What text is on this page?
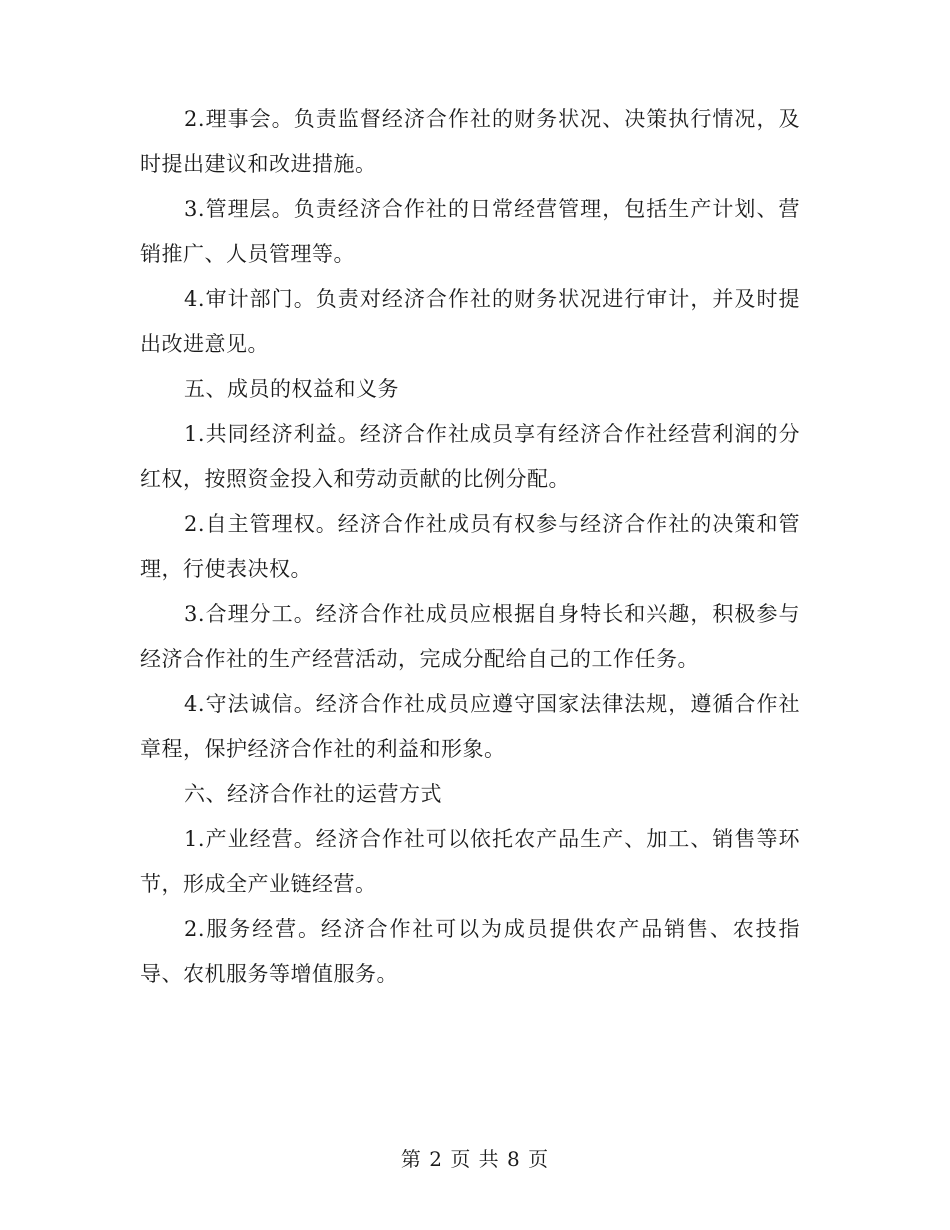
2.理事会。负责监督经济合作社的财务状况、决策执行情况，及时提出建议和改进措施。

3.管理层。负责经济合作社的日常经营管理，包括生产计划、营销推广、人员管理等。

4.审计部门。负责对经济合作社的财务状况进行审计，并及时提出改进意见。

五、成员的权益和义务

1.共同经济利益。经济合作社成员享有经济合作社经营利润的分红权，按照资金投入和劳动贡献的比例分配。

2.自主管理权。经济合作社成员有权参与经济合作社的决策和管理，行使表决权。

3.合理分工。经济合作社成员应根据自身特长和兴趣，积极参与经济合作社的生产经营活动，完成分配给自己的工作任务。

4.守法诚信。经济合作社成员应遵守国家法律法规，遵循合作社章程，保护经济合作社的利益和形象。

六、经济合作社的运营方式

1.产业经营。经济合作社可以依托农产品生产、加工、销售等环节，形成全产业链经营。

2.服务经营。经济合作社可以为成员提供农产品销售、农技指导、农机服务等增值服务。

第 2 页 共 8 页
